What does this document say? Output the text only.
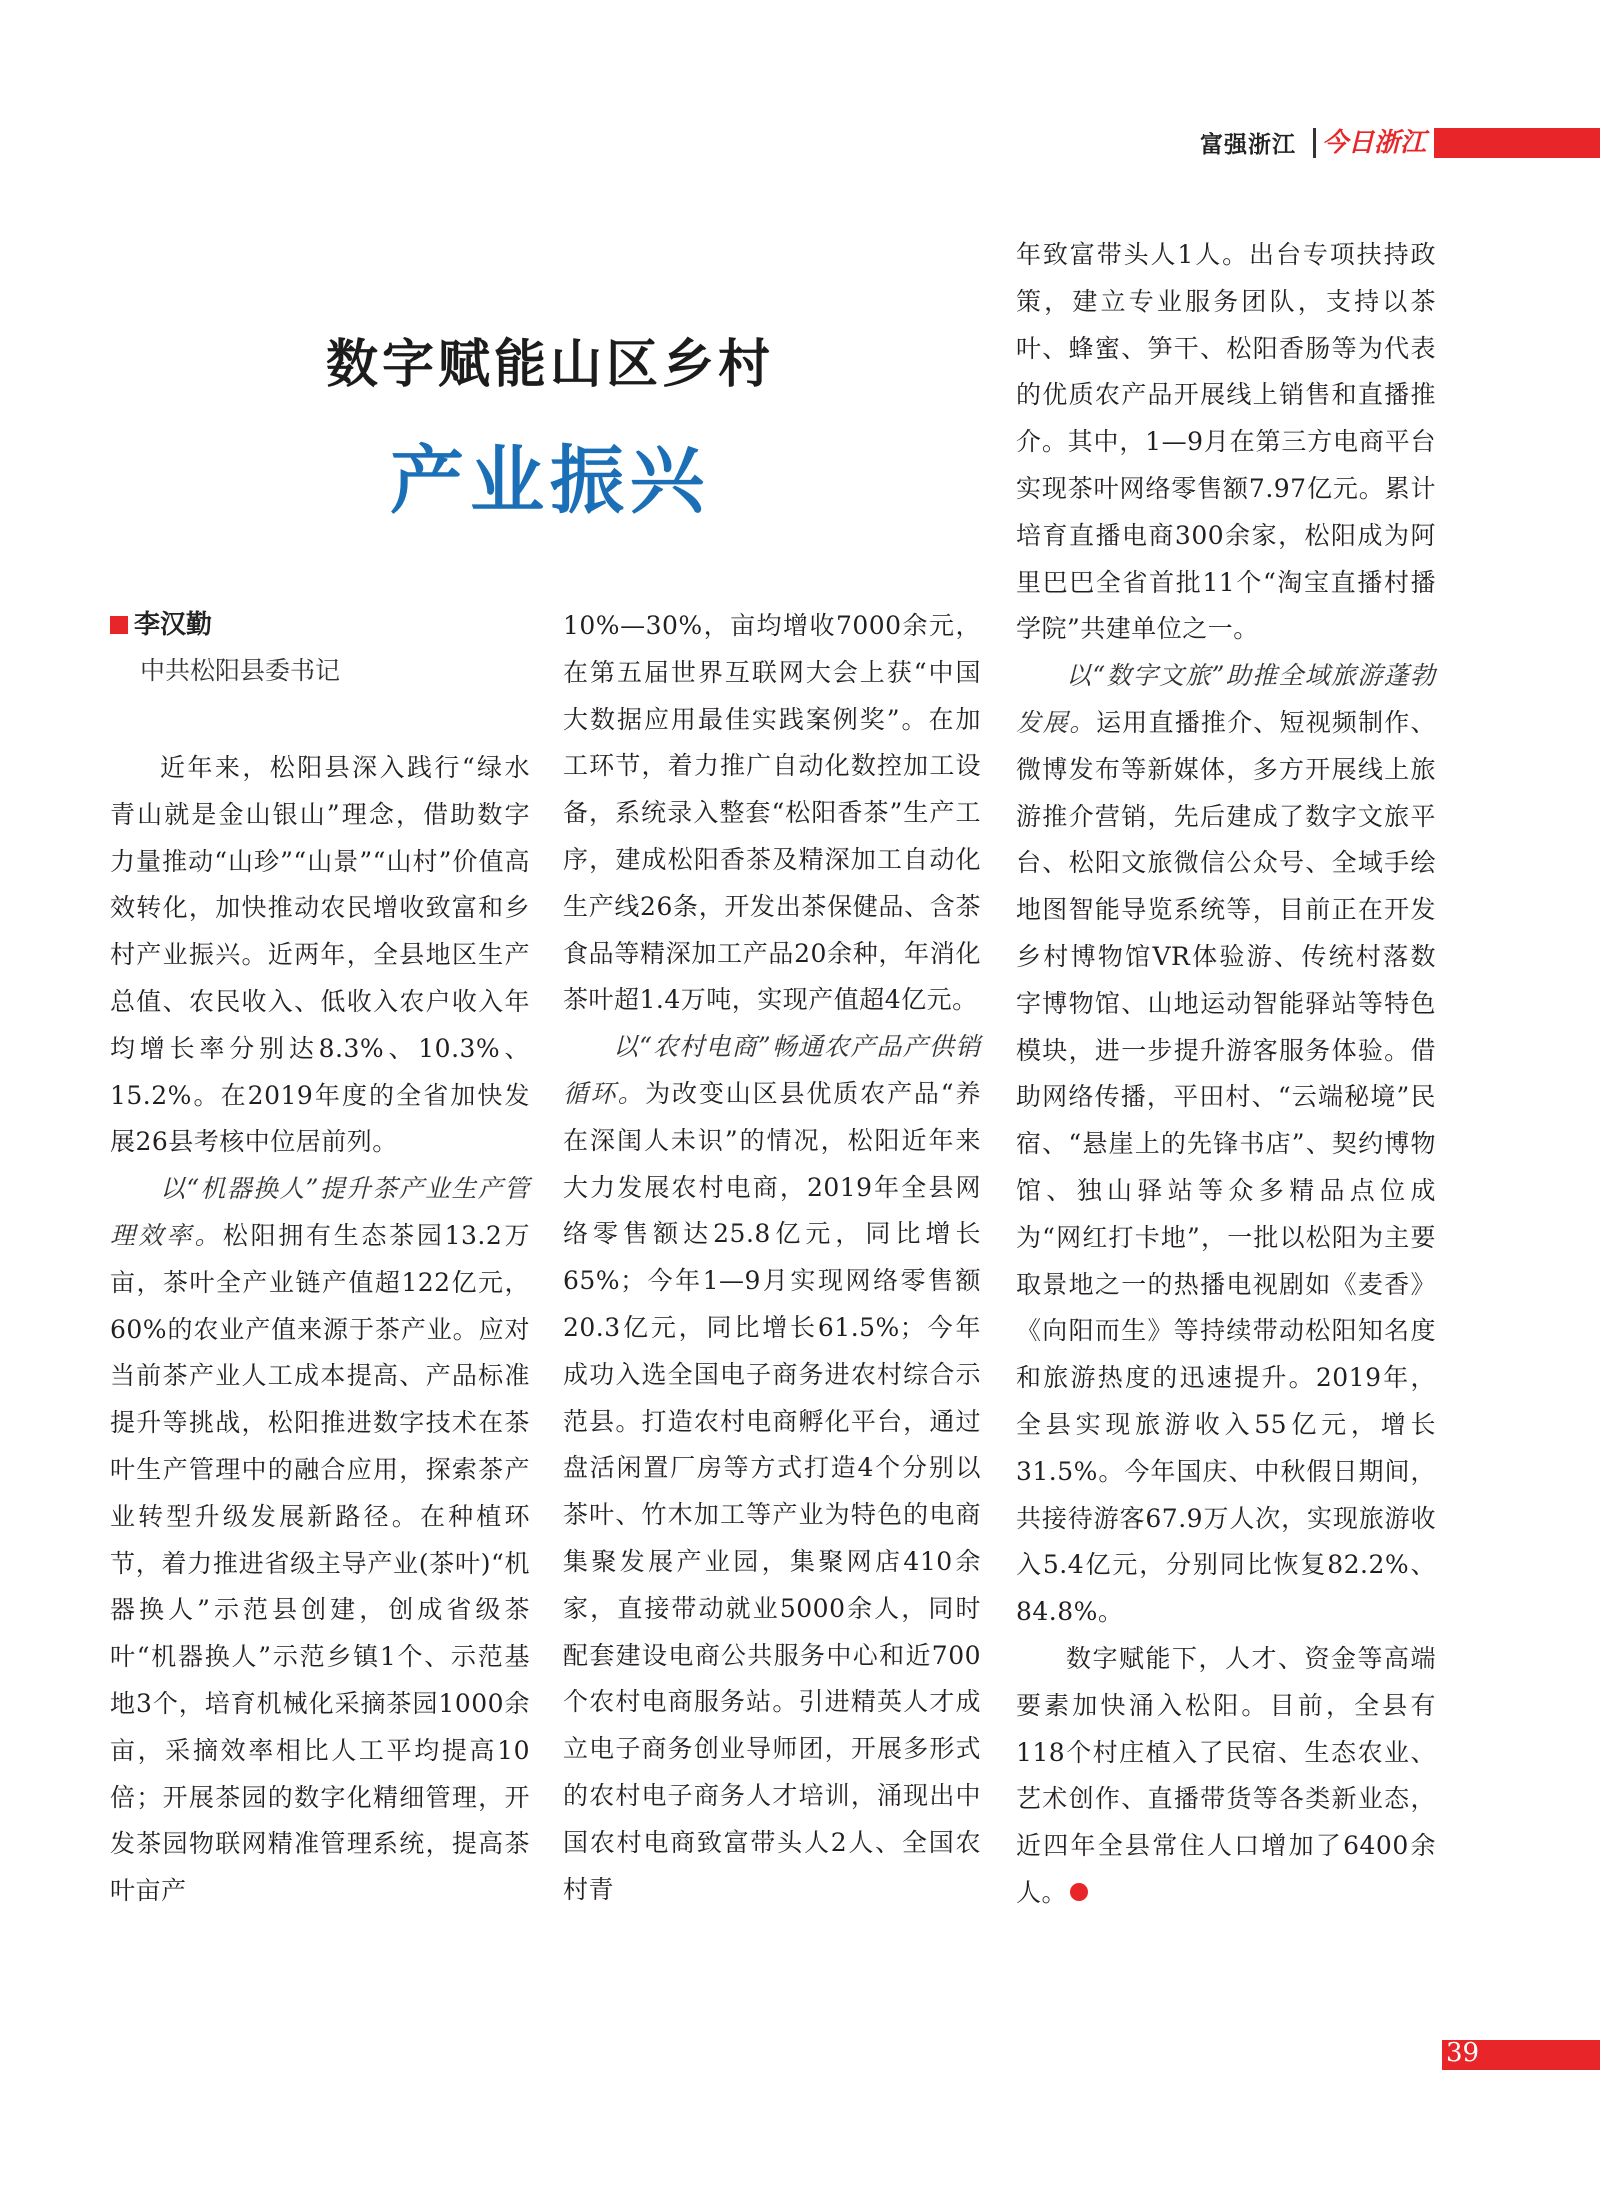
富强浙江 今日浙江
数字赋能山区乡村
产业振兴
李汉勤
中共松阳县委书记

近年来，松阳县深入践行“绿水青山就是金山银山”理念，借助数字力量推动“山珍”“山景”“山村”价值高效转化，加快推动农民增收致富和乡村产业振兴。近两年，全县地区生产总值、农民收入、低收入农户收入年均增长率分别达8.3%、10.3%、15.2%。在2019年度的全省加快发展26县考核中位居前列。

以“机器换人”提升茶产业生产管理效率。松阳拥有生态茶园13.2万亩，茶叶全产业链产值超122亿元，60%的农业产值来源于茶产业。应对当前茶产业人工成本提高、产品标准提升等挑战，松阳推进数字技术在茶叶生产管理中的融合应用，探索茶产业转型升级发展新路径。在种植环节，着力推进省级主导产业(茶叶)“机器换人”示范县创建，创成省级茶叶“机器换人”示范乡镇1个、示范基地3个，培育机械化采摘茶园1000余亩，采摘效率相比人工平均提高10倍；开展茶园的数字化精细管理，开发茶园物联网精准管理系统，提高茶叶亩产

10%—30%，亩均增收7000余元，在第五届世界互联网大会上获“中国大数据应用最佳实践案例奖”。在加工环节，着力推广自动化数控加工设备，系统录入整套“松阳香茶”生产工序，建成松阳香茶及精深加工自动化生产线26条，开发出茶保健品、含茶食品等精深加工产品20余种，年消化茶叶超1.4万吨，实现产值超4亿元。

以“农村电商”畅通农产品产供销循环。为改变山区县优质农产品“养在深闺人未识”的情况，松阳近年来大力发展农村电商，2019年全县网络零售额达25.8亿元，同比增长65%；今年1—9月实现网络零售额20.3亿元，同比增长61.5%；今年成功入选全国电子商务进农村综合示范县。打造农村电商孵化平台，通过盘活闲置厂房等方式打造4个分别以茶叶、竹木加工等产业为特色的电商集聚发展产业园，集聚网店410余家，直接带动就业5000余人，同时配套建设电商公共服务中心和近700个农村电商服务站。引进精英人才成立电子商务创业导师团，开展多形式的农村电子商务人才培训，涌现出中国农村电商致富带头人2人、全国农村青

年致富带头人1人。出台专项扶持政策，建立专业服务团队，支持以茶叶、蜂蜜、笋干、松阳香肠等为代表的优质农产品开展线上销售和直播推介。其中，1—9月在第三方电商平台实现茶叶网络零售额7.97亿元。累计培育直播电商300余家，松阳成为阿里巴巴全省首批11个“淘宝直播村播学院”共建单位之一。

以“数字文旅”助推全域旅游蓬勃发展。运用直播推介、短视频制作、微博发布等新媒体，多方开展线上旅游推介营销，先后建成了数字文旅平台、松阳文旅微信公众号、全域手绘地图智能导览系统等，目前正在开发乡村博物馆VR体验游、传统村落数字博物馆、山地运动智能驿站等特色模块，进一步提升游客服务体验。借助网络传播，平田村、“云端秘境”民宿、“悬崖上的先锋书店”、契约博物馆、独山驿站等众多精品点位成为“网红打卡地”，一批以松阳为主要取景地之一的热播电视剧如《麦香》《向阳而生》等持续带动松阳知名度和旅游热度的迅速提升。2019年，全县实现旅游收入55亿元，增长31.5%。今年国庆、中秋假日期间，共接待游客67.9万人次，实现旅游收入5.4亿元，分别同比恢复82.2%、84.8%。

数字赋能下，人才、资金等高端要素加快涌入松阳。目前，全县有118个村庄植入了民宿、生态农业、艺术创作、直播带货等各类新业态，近四年全县常住人口增加了6400余人。

39
